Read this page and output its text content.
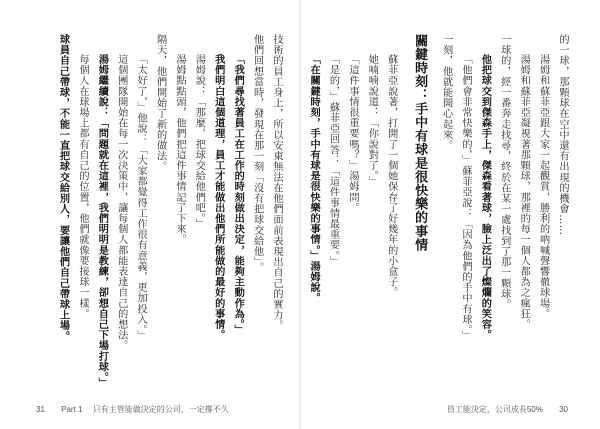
技術的員工身上，所以安東無法在他們面前表現出自己的實力。

他們回想當時，發現在那一刻「沒有把球交給他」。

「我們尋找著員工在工作的時刻做出決定，能夠主動作為。」

我們明白這個道理，員工才能做出他們所能做的最好的事情。

湯姆說：「那麼，把球交給他們吧。」

湯姆點點頭，他們把這件事情記了下來。

隔天，他們開始了新的做法。

「太好了，」他說：「大家都覺得工作很有意義，更加投入。」

這個團隊開始在每一次決策中，讓每個人都能表達自己的想法。

湯姆繼續說：「問題就在這裡，我們明明是教練，卻想自己下場打球。」

每個人在球場上都有自己的位置，他們就像要接球一樣。

球員自己帶球，不能一直把球交給別人，要讓他們自己帶球上場。

31 Part 1 只有主管能做決定的公司，一定撐不久

的一球，那顆球在空中還有出現的機會……

湯姆和蘇菲亞跟大家一起觀賞，勝利的吶喊聲響徹球場。

湯姆和蘇菲亞凝視著那顆球，那裡的每一個人都為之瘋狂。

一球的，經一番奔走找尋，終於在某一處找到了那一顆球。

他把球交到傑森手上，傑森看著球，臉上泛出了燦爛的笑容。

「他們會非常快樂的，」蘇菲亞說：「因為他們的手中有球。」

一刻，他就能開心起來。

關鍵時刻：手中有球是很快樂的事情

蘇菲亞說著，打開了一個她保存了好幾年的小盒子。

她喃喃說道：「你說對了。」

「這件事情很重要嗎？」湯姆問。

「是的，」蘇菲亞回答：「這件事情最重要。」

「在關鍵時刻，手中有球是很快樂的事情。」湯姆說。

員工能決定，公司成長50% 30
